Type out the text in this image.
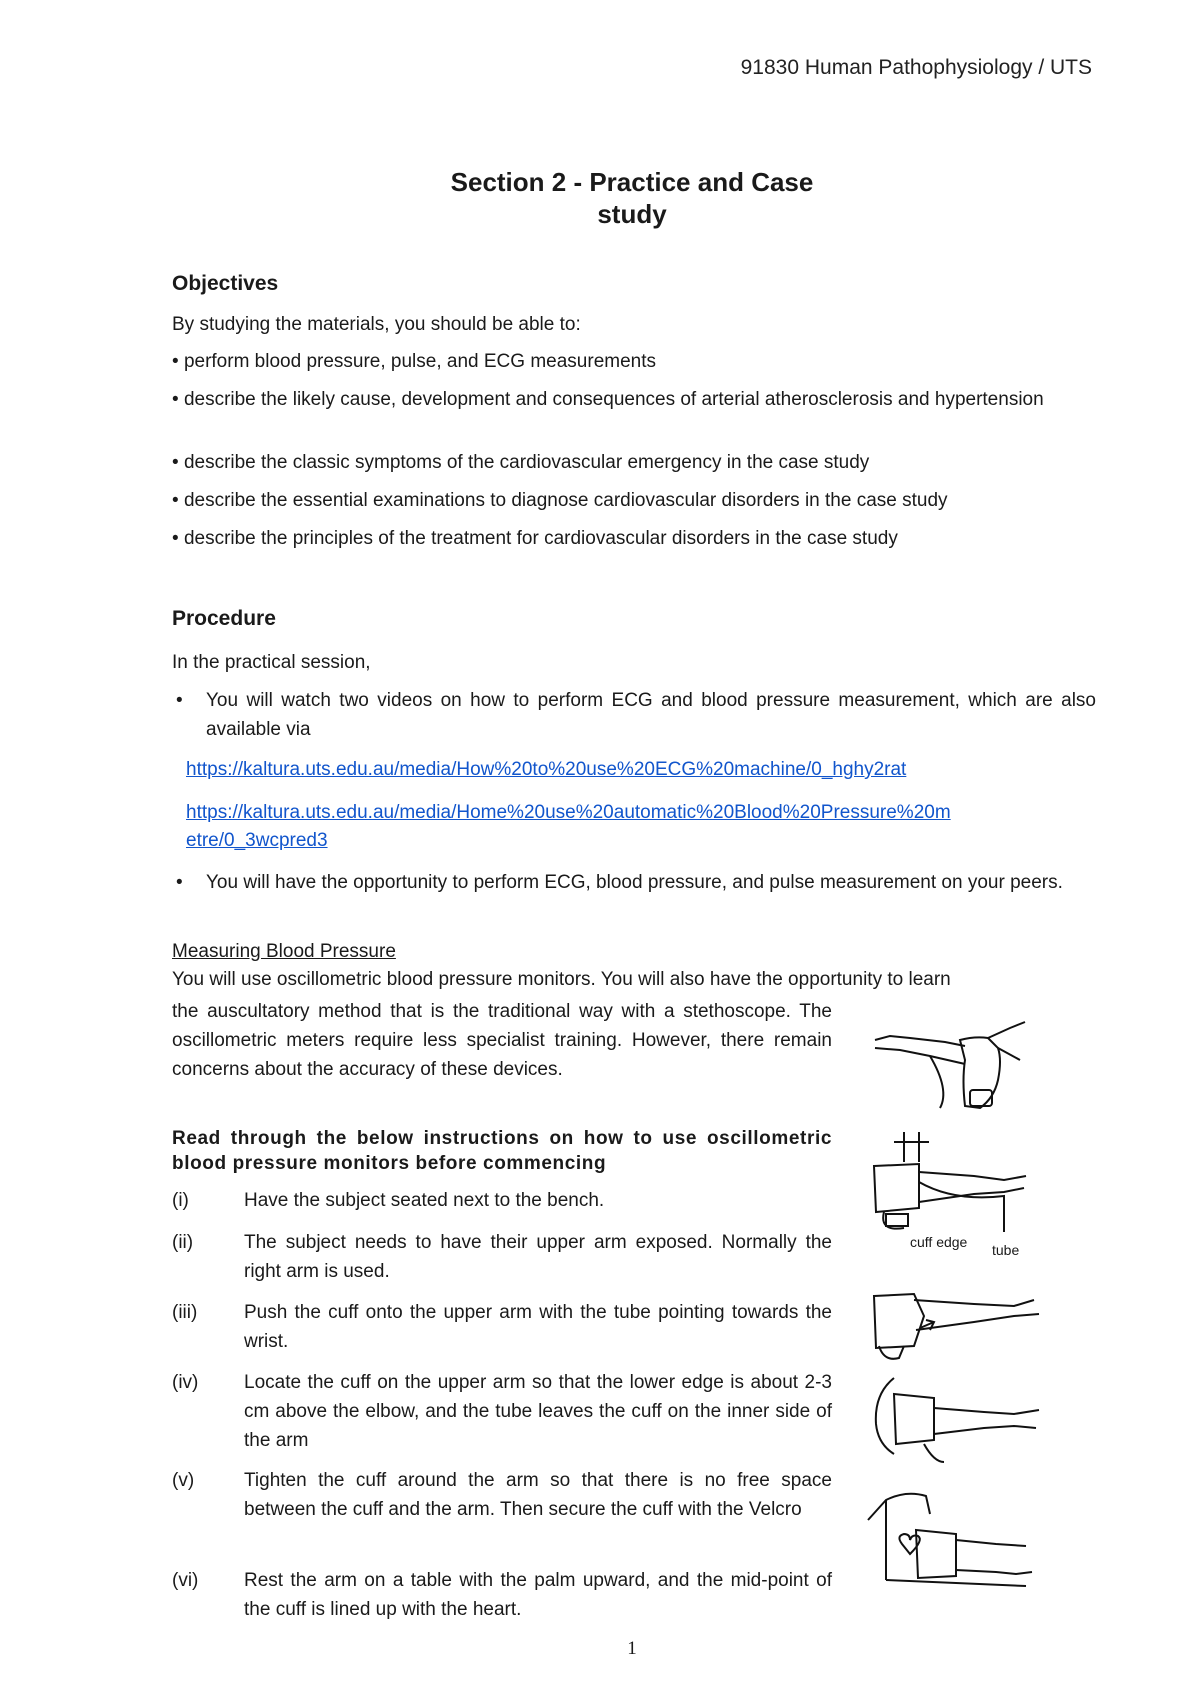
91830 Human Pathophysiology / UTS
Section 2 - Practice and Case
study
Objectives
By studying the materials, you should be able to:
• perform blood pressure, pulse, and ECG measurements
• describe the likely cause, development and consequences of arterial atherosclerosis and hypertension
• describe the classic symptoms of the cardiovascular emergency in the case study
• describe the essential examinations to diagnose cardiovascular disorders in the case study
• describe the principles of the treatment for cardiovascular disorders in the case study
Procedure
In the practical session,
•	You will watch two videos on how to perform ECG and blood pressure measurement, which are also available via
https://kaltura.uts.edu.au/media/How%20to%20use%20ECG%20machine/0_hghy2rat
https://kaltura.uts.edu.au/media/Home%20use%20automatic%20Blood%20Pressure%20m
etre/0_3wcpred3
•	You will have the opportunity to perform ECG, blood pressure, and pulse measurement on your peers.
Measuring Blood Pressure
You will use oscillometric blood pressure monitors. You will also have the opportunity to learn
the auscultatory method that is the traditional way with a stethoscope. The oscillometric meters require less specialist training. However, there remain concerns about the accuracy of these devices.
Read through the below instructions on how to use oscillometric blood pressure monitors before commencing
(i)	Have the subject seated next to the bench.
(ii)	The subject needs to have their upper arm exposed. Normally the right arm is used.
(iii)	Push the cuff onto the upper arm with the tube pointing towards the wrist.
(iv)	Locate the cuff on the upper arm so that the lower edge is about 2-3 cm above the elbow, and the tube leaves the cuff on the inner side of the arm
(v)	Tighten the cuff around the arm so that there is no free space between the cuff and the arm. Then secure the cuff with the Velcro
(vi)	Rest the arm on a table with the palm upward, and the mid-point of the cuff is lined up with the heart.
cuff edge tube
1
